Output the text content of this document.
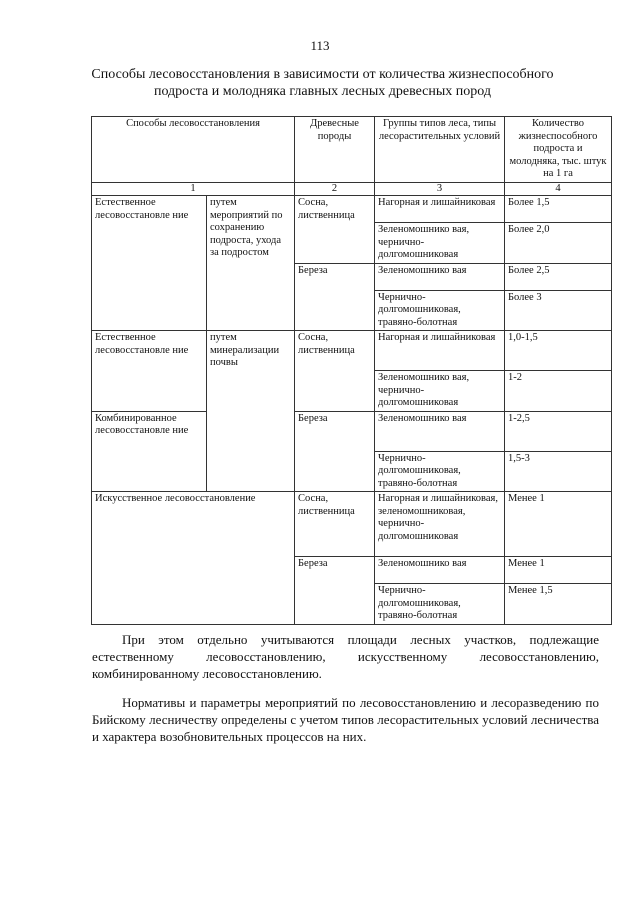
113
Способы лесовосстановления в зависимости от количества жизнеспособного подроста и молодняка главных лесных древесных пород
Способы лесовосстановления		Древесные породы	Группы типов леса, типы лесорастительных условий	Количество жизнеспособного подроста и молодняка, тыс. штук на 1 га
1		2	3	4
Естественное лесовосстановле ние	путем мероприятий по сохранению подроста, ухода за подростом	Сосна, лиственница	Нагорная и лишайниковая	Более 1,5
			Зеленомошнико вая, чернично-долгомошниковая	Более 2,0
		Береза	Зеленомошнико вая	Более 2,5
			Чернично-долгомошниковая, травяно-болотная	Более 3
Естественное лесовосстановле ние	путем минерализации почвы	Сосна, лиственница	Нагорная и лишайниковая	1,0-1,5
			Зеленомошнико вая, чернично-долгомошниковая	1-2
Комбинированное лесовосстановле ние		Береза	Зеленомошнико вая	1-2,5
			Чернично-долгомошниковая, травяно-болотная	1,5-3
Искусственное лесовосстановление		Сосна, лиственница	Нагорная и лишайниковая, зеленомошниковая, чернично-долгомошниковая	Менее 1
		Береза	Зеленомошнико вая	Менее 1
			Чернично-долгомошниковая, травяно-болотная	Менее 1,5

При этом отдельно учитываются площади лесных участков, подлежащие естественному лесовосстановлению, искусственному лесовосстановлению, комбинированному лесовосстановлению.

Нормативы и параметры мероприятий по лесовосстановлению и лесоразведению по Бийскому лесничеству определены с учетом типов лесорастительных условий лесничества и характера возобновительных процессов на них.
